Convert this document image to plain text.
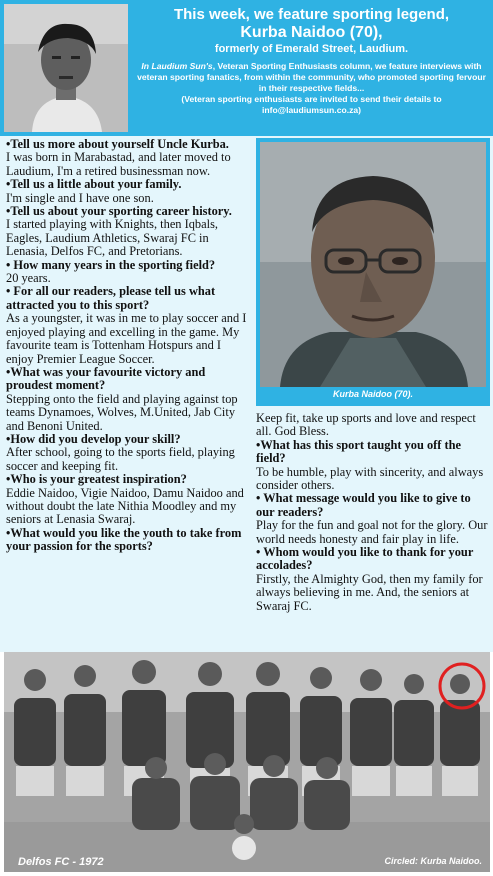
This week, we feature sporting legend,
Kurba Naidoo (70),
formerly of Emerald Street, Laudium.
In Laudium Sun's, Veteran Sporting Enthusiasts column, we feature interviews with veteran sporting fanatics, from within the community, who promoted sporting fervour in their respective fields...
(Veteran sporting enthusiasts are invited to send their details to info@laudiumsun.co.za)
•Tell us more about yourself Uncle Kurba.
I was born in Marabastad, and later moved to Laudium, I'm a retired businessman now.
•Tell us a little about your family.
I'm single and I have one son.
•Tell us about your sporting career history.
I started playing with Knights, then Iqbals, Eagles, Laudium Athletics, Swaraj FC in Lenasia, Delfos FC, and Pretorians.
• How many years in the sporting field?
20 years.
• For all our readers, please tell us what attracted you to this sport?
As a youngster, it was in me to play soccer and I enjoyed playing and excelling in the game. My favourite team is Tottenham Hotspurs and I enjoy Premier League Soccer.
•What was your favourite victory and proudest moment?
Stepping onto the field and playing against top teams Dynamoes, Wolves, M.United, Jab City and Benoni United.
•How did you develop your skill?
After school, going to the sports field, playing soccer and keeping fit.
•Who is your greatest inspiration?
Eddie Naidoo, Vigie Naidoo, Damu Naidoo and without doubt the late Nithia Moodley and my seniors at Lenasia Swaraj.
•What would you like the youth to take from your passion for the sports?
Kurba Naidoo (70).
Keep fit, take up sports and love and respect all. God Bless.
•What has this sport taught you off the field?
To be humble, play with sincerity, and always consider others.
• What message would you like to give to our readers?
Play for the fun and goal not for the glory. Our world needs honesty and fair play in life.
• Whom would you like to thank for your accolades?
Firstly, the Almighty God, then my family for always believing in me. And, the seniors at Swaraj FC.
Delfos FC - 1972	Circled: Kurba Naidoo.
